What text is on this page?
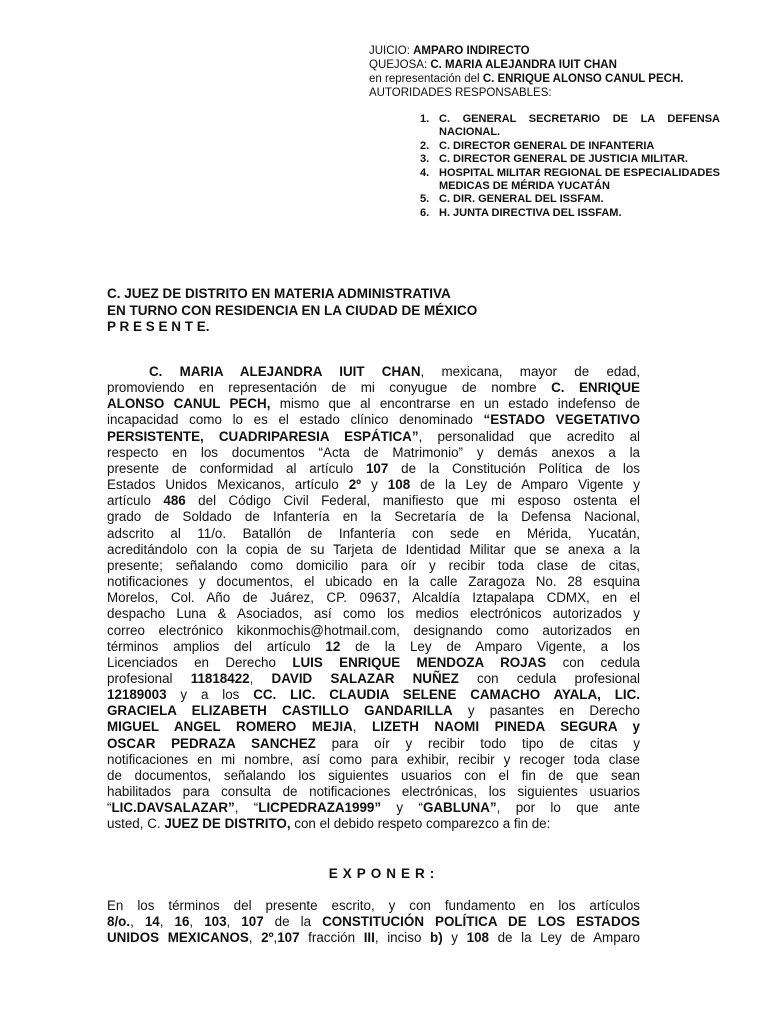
JUICIO: AMPARO INDIRECTO
QUEJOSA: C. MARIA ALEJANDRA IUIT CHAN
en representación del C. ENRIQUE ALONSO CANUL PECH.
AUTORIDADES RESPONSABLES:
1. C. GENERAL SECRETARIO DE LA DEFENSA NACIONAL.
2. C. DIRECTOR GENERAL DE INFANTERIA
3. C. DIRECTOR GENERAL DE JUSTICIA MILITAR.
4. HOSPITAL MILITAR REGIONAL DE ESPECIALIDADES MEDICAS DE MÉRIDA YUCATÁN
5. C. DIR. GENERAL DEL ISSFAM.
6. H. JUNTA DIRECTIVA DEL ISSFAM.
C. JUEZ DE DISTRITO EN MATERIA ADMINISTRATIVA
EN TURNO CON RESIDENCIA EN LA CIUDAD DE MÉXICO
P R E S E N T E.
C. MARIA ALEJANDRA IUIT CHAN, mexicana, mayor de edad,
promoviendo en representación de mi conyugue de nombre C. ENRIQUE
ALONSO CANUL PECH, mismo que al encontrarse en un estado indefenso de
incapacidad como lo es el estado clínico denominado “ESTADO VEGETATIVO
PERSISTENTE, CUADRIPARESIA ESPÁTICA”, personalidad que acredito al
respecto en los documentos “Acta de Matrimonio” y demás anexos a la
presente de conformidad al artículo 107 de la Constitución Política de los
Estados Unidos Mexicanos, artículo 2º y 108 de la Ley de Amparo Vigente y
artículo 486 del Código Civil Federal, manifiesto que mi esposo ostenta el
grado de Soldado de Infantería en la Secretaría de la Defensa Nacional,
adscrito al 11/o. Batallón de Infantería con sede en Mérida, Yucatán,
acreditándolo con la copia de su Tarjeta de Identidad Militar que se anexa a la
presente; señalando como domicilio para oír y recibir toda clase de citas,
notificaciones y documentos, el ubicado en la calle Zaragoza No. 28 esquina
Morelos, Col. Año de Juárez, CP. 09637, Alcaldía Iztapalapa CDMX, en el
despacho Luna & Asociados, así como los medios electrónicos autorizados y
correo electrónico kikonmochis@hotmail.com, designando como autorizados en
términos amplios del artículo 12 de la Ley de Amparo Vigente, a los
Licenciados en Derecho LUIS ENRIQUE MENDOZA ROJAS con cedula
profesional 11818422, DAVID SALAZAR NUÑEZ con cedula profesional
12189003 y a los CC. LIC. CLAUDIA SELENE CAMACHO AYALA, LIC.
GRACIELA ELIZABETH CASTILLO GANDARILLA y pasantes en Derecho
MIGUEL ANGEL ROMERO MEJIA, LIZETH NAOMI PINEDA SEGURA y
OSCAR PEDRAZA SANCHEZ para oír y recibir todo tipo de citas y
notificaciones en mi nombre, así como para exhibir, recibir y recoger toda clase
de documentos, señalando los siguientes usuarios con el fin de que sean
habilitados para consulta de notificaciones electrónicas, los siguientes usuarios
“LIC.DAVSALAZAR”, “LICPEDRAZA1999” y “GABLUNA”, por lo que ante
usted, C. JUEZ DE DISTRITO, con el debido respeto comparezco a fin de:
EXPONER:
En los términos del presente escrito, y con fundamento en los artículos
8/o., 14, 16, 103, 107 de la CONSTITUCIÓN POLÍTICA DE LOS ESTADOS
UNIDOS MEXICANOS, 2º,107 fracción III, inciso b) y 108 de la Ley de Amparo
